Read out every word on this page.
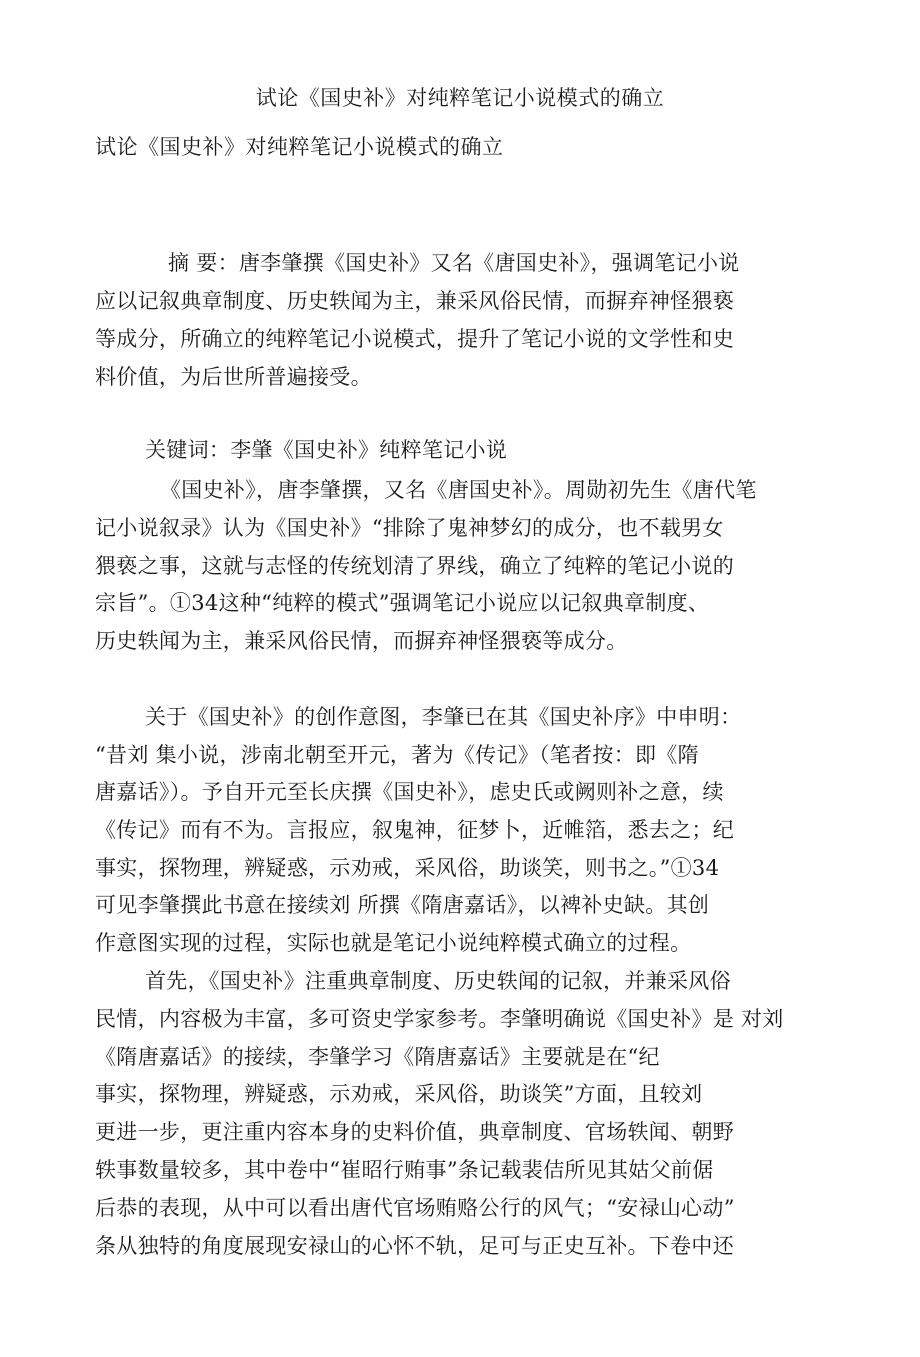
试论《国史补》对纯粹笔记小说模式的确立
试论《国史补》对纯粹笔记小说模式的确立
摘 要：唐李肇撰《国史补》又名《唐国史补》，强调笔记小说
应以记叙典章制度、历史轶闻为主，兼采风俗民情，而摒弃神怪猥亵
等成分，所确立的纯粹笔记小说模式，提升了笔记小说的文学性和史
料价值，为后世所普遍接受。
关键词：李肇《国史补》纯粹笔记小说
《国史补》，唐李肇撰，又名《唐国史补》。周勋初先生《唐代笔
记小说叙录》认为《国史补》“排除了鬼神梦幻的成分，也不载男女
猥亵之事，这就与志怪的传统划清了界线，确立了纯粹的笔记小说的
宗旨”。①34这种“纯粹的模式”强调笔记小说应以记叙典章制度、
历史轶闻为主，兼采风俗民情，而摒弃神怪猥亵等成分。
关于《国史补》的创作意图，李肇已在其《国史补序》中申明：
“昔刘 集小说，涉南北朝至开元，著为《传记》（笔者按：即《隋
唐嘉话》）。予自开元至长庆撰《国史补》，虑史氏或阙则补之意，续
《传记》而有不为。言报应，叙鬼神，征梦卜，近帷箔，悉去之；纪
事实，探物理，辨疑惑，示劝戒，采风俗，助谈笑，则书之。”①34
可见李肇撰此书意在接续刘 所撰《隋唐嘉话》，以裨补史缺。其创
作意图实现的过程，实际也就是笔记小说纯粹模式确立的过程。
首先，《国史补》注重典章制度、历史轶闻的记叙，并兼采风俗
民情，内容极为丰富，多可资史学家参考。李肇明确说《国史补》是 对刘
《隋唐嘉话》的接续，李肇学习《隋唐嘉话》主要就是在“纪
事实，探物理，辨疑惑，示劝戒，采风俗，助谈笑”方面，且较刘
更进一步，更注重内容本身的史料价值，典章制度、官场轶闻、朝野
轶事数量较多，其中卷中“崔昭行贿事”条记载裴佶所见其姑父前倨
后恭的表现，从中可以看出唐代官场贿赂公行的风气；“安禄山心动”
条从独特的角度展现安禄山的心怀不轨，足可与正史互补。下卷中还
